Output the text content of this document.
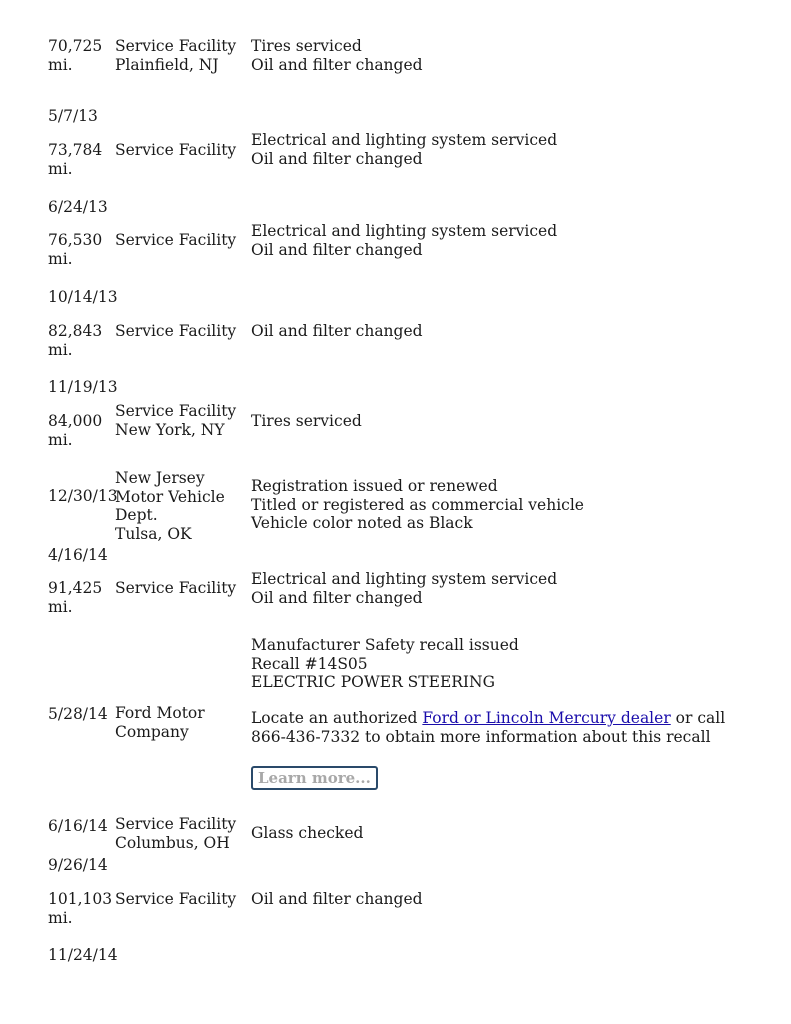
70,725
mi.
Service Facility
Plainfield, NJ
Tires serviced
Oil and filter changed
5/7/13
73,784
mi.
Service Facility
Electrical and lighting system serviced
Oil and filter changed
6/24/13
76,530
mi.
Service Facility Electrical and lighting system serviced
Oil and filter changed
10/14/13
82,843
mi.
Service Facility Oil and filter changed
11/19/13
84,000
mi.
Service Facility
New York, NY	Tires serviced
12/30/13
New Jersey
Motor Vehicle
Dept.
Tulsa, OK
Registration issued or renewed
Titled or registered as commercial vehicle
Vehicle color noted as Black
4/16/14
91,425
mi.
Service Facility Electrical and lighting system serviced
Oil and filter changed
5/28/14 Ford Motor
Company
Manufacturer Safety recall issued
Recall #14S05
ELECTRIC POWER STEERING
Locate an authorized Ford or Lincoln Mercury dealer or call 866-436-7332 to obtain more information about this recall
Learn more...
6/16/14 Service Facility
Columbus, OH
Glass checked
9/26/14
101,103
mi.
Service Facility Oil and filter changed
11/24/14
